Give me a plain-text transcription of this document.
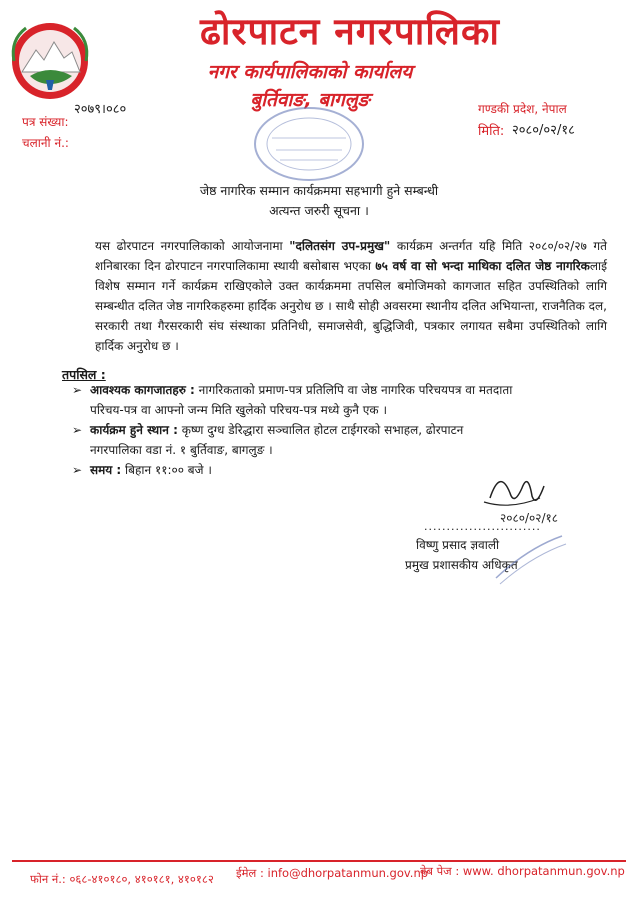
ढोरपाटन नगरपालिका
नगर कार्यपालिकाको कार्यालय
बुर्तिवाङ, बागलुङ
पत्र संख्या:
२०७९।०८०
चलानी नं.:
गण्डकी प्रदेश, नेपाल
मिति: २०८०/०२/१८
जेष्ठ नागरिक सम्मान कार्यक्रममा सहभागी हुने सम्बन्धी
अत्यन्त जरुरी सूचना ।
यस ढोरपाटन नगरपालिकाको आयोजनामा "दलितसंग उप-प्रमुख" कार्यक्रम अन्तर्गत यहि मिति २०८०/०२/२७ गते शनिबारका दिन ढोरपाटन नगरपालिकामा स्थायी बसोबास भएका ७५ वर्ष वा सो भन्दा माथिका दलित जेष्ठ नागरिकलाई विशेष सम्मान गर्ने कार्यक्रम राखिएकोले उक्त कार्यक्रममा तपसिल बमोजिमको कागजात सहित उपस्थितिको लागि सम्बन्धीत दलित जेष्ठ नागरिकहरुमा हार्दिक अनुरोध छ । साथै सोही अवसरमा स्थानीय दलित अभियान्ता, राजनैतिक दल, सरकारी तथा गैरसरकारी संघ संस्थाका प्रतिनिधी, समाजसेवी, बुद्धिजिवी, पत्रकार लगायत सबैमा उपस्थितिको लागि हार्दिक अनुरोध छ ।
तपसिल :
➢ आवश्यक कागजातहरु : नागरिकताको प्रमाण-पत्र प्रतिलिपि वा जेष्ठ नागरिक परिचयपत्र वा मतदाता
परिचय-पत्र वा आफ्नो जन्म मिति खुलेको परिचय-पत्र मध्ये कुनै एक ।
➢ कार्यक्रम हुने स्थान : कृष्ण दुग्ध डेरिद्धारा सञ्चालित होटल टाईगरको सभाहल, ढोरपाटन
नगरपालिका वडा नं. १ बुर्तिवाङ, बागलुङ ।
➢ समय : बिहान ११:०० बजे ।
२०८०/०२/१८
..........................
विष्णु प्रसाद ज्ञवाली
प्रमुख प्रशासकीय अधिकृत
फोन नं.: ०६८-४१०१८०, ४१०१८१, ४१०१८२ ईमेल : info@dhorpatanmun.gov.np
वेब पेज : www. dhorpatanmun.gov.np
